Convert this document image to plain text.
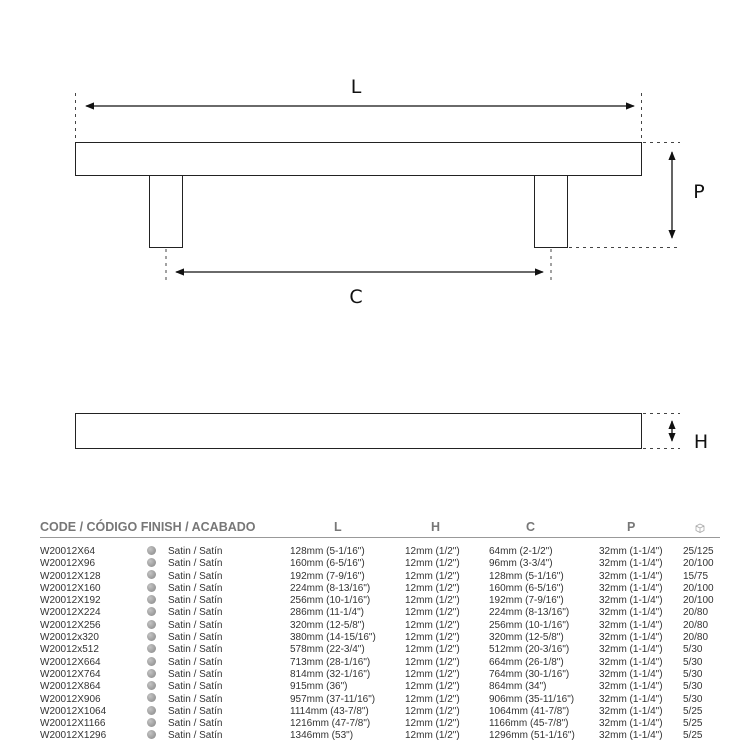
L
P
C
H
CODE / CÓDIGO FINISH / ACABADO	L	H	C	P	
W20012X64 Satin / Satín	128mm (5-1/16")	12mm (1/2")	64mm (2-1/2")	32mm (1-1/4")	25/125
W20012X96 Satin / Satín	160mm (6-5/16")	12mm (1/2")	96mm (3-3/4")	32mm (1-1/4")	20/100
W20012X128 Satin / Satín	192mm (7-9/16")	12mm (1/2")	128mm (5-1/16")	32mm (1-1/4")	15/75
W20012X160 Satin / Satín	224mm (8-13/16")	12mm (1/2")	160mm (6-5/16")	32mm (1-1/4")	20/100
W20012X192 Satin / Satín	256mm (10-1/16")	12mm (1/2")	192mm (7-9/16")	32mm (1-1/4")	20/100
W20012X224 Satin / Satín	286mm (11-1/4")	12mm (1/2")	224mm (8-13/16")	32mm (1-1/4")	20/80
W20012X256 Satin / Satín	320mm (12-5/8")	12mm (1/2")	256mm (10-1/16")	32mm (1-1/4")	20/80
W20012x320 Satin / Satín	380mm (14-15/16")	12mm (1/2")	320mm (12-5/8")	32mm (1-1/4")	20/80
W20012x512 Satin / Satín	578mm (22-3/4")	12mm (1/2")	512mm (20-3/16")	32mm (1-1/4")	5/30
W20012X664 Satin / Satín	713mm (28-1/16")	12mm (1/2")	664mm (26-1/8")	32mm (1-1/4")	5/30
W20012X764 Satin / Satín	814mm (32-1/16")	12mm (1/2")	764mm (30-1/16")	32mm (1-1/4")	5/30
W20012X864 Satin / Satín	915mm (36")	12mm (1/2")	864mm (34")	32mm (1-1/4")	5/30
W20012X906 Satin / Satín	957mm (37-11/16")	12mm (1/2")	906mm (35-11/16")	32mm (1-1/4")	5/30
W20012X1064 Satin / Satín	1114mm (43-7/8")	12mm (1/2")	1064mm (41-7/8")	32mm (1-1/4")	5/25
W20012X1166 Satin / Satín	1216mm (47-7/8")	12mm (1/2")	1166mm (45-7/8")	32mm (1-1/4")	5/25
W20012X1296 Satin / Satín	1346mm (53")	12mm (1/2")	1296mm (51-1/16")	32mm (1-1/4")	5/25
